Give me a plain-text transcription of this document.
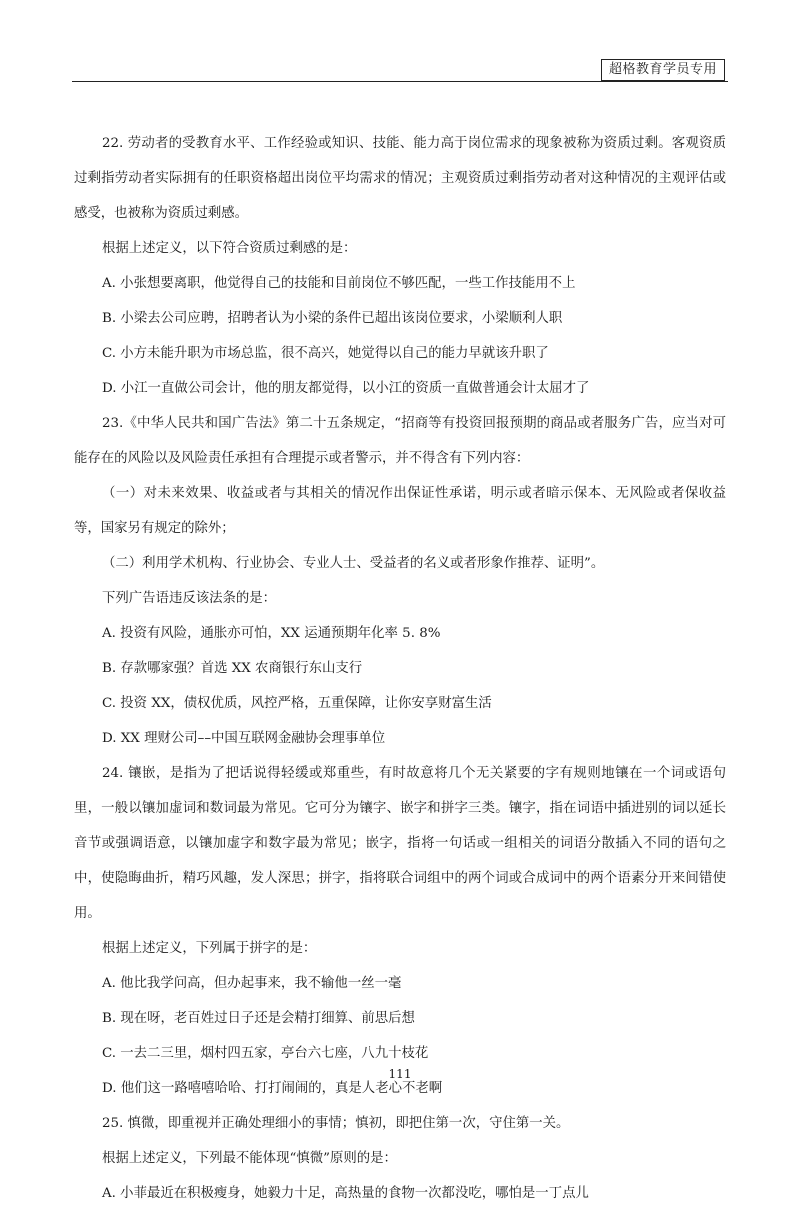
超格教育学员专用

22. 劳动者的受教育水平、工作经验或知识、技能、能力高于岗位需求的现象被称为资质过剩。客观资质过剩指劳动者实际拥有的任职资格超出岗位平均需求的情况；主观资质过剩指劳动者对这种情况的主观评估或感受，也被称为资质过剩感。

根据上述定义，以下符合资质过剩感的是：

A. 小张想要离职，他觉得自己的技能和目前岗位不够匹配，一些工作技能用不上

B. 小梁去公司应聘，招聘者认为小梁的条件已超出该岗位要求，小梁顺利人职

C. 小方未能升职为市场总监，很不高兴，她觉得以自己的能力早就该升职了

D. 小江一直做公司会计，他的朋友都觉得，以小江的资质一直做普通会计太屈才了

23.《中华人民共和国广告法》第二十五条规定，“招商等有投资回报预期的商品或者服务广告，应当对可能存在的风险以及风险责任承担有合理提示或者警示，并不得含有下列内容：

（一）对未来效果、收益或者与其相关的情况作出保证性承诺，明示或者暗示保本、无风险或者保收益等，国家另有规定的除外；

（二）利用学术机构、行业协会、专业人士、受益者的名义或者形象作推荐、证明”。

下列广告语违反该法条的是：

A. 投资有风险，通胀亦可怕，XX 运通预期年化率 5. 8%

B. 存款哪家强？首选 XX 农商银行东山支行

C. 投资 XX，债权优质，风控严格，五重保障，让你安享财富生活

D. XX 理财公司––中国互联网金融协会理事单位

24. 镶嵌，是指为了把话说得轻缓或郑重些，有时故意将几个无关紧要的字有规则地镶在一个词或语句里，一般以镶加虚词和数词最为常见。它可分为镶字、嵌字和拼字三类。镶字，指在词语中插进别的词以延长音节或强调语意，以镶加虚字和数字最为常见；嵌字，指将一句话或一组相关的词语分散插入不同的语句之中，使隐晦曲折，精巧风趣，发人深思；拼字，指将联合词组中的两个词或合成词中的两个语素分开来间错使用。

根据上述定义，下列属于拼字的是：

A. 他比我学问高，但办起事来，我不输他一丝一毫

B. 现在呀，老百姓过日子还是会精打细算、前思后想

C. 一去二三里，烟村四五家，亭台六七座，八九十枝花

D. 他们这一路嘻嘻哈哈、打打闹闹的，真是人老心不老啊

25. 慎微，即重视并正确处理细小的事情；慎初，即把住第一次，守住第一关。

根据上述定义，下列最不能体现“慎微”原则的是：

A. 小菲最近在积极瘦身，她毅力十足，高热量的食物一次都没吃，哪怕是一丁点儿

111
